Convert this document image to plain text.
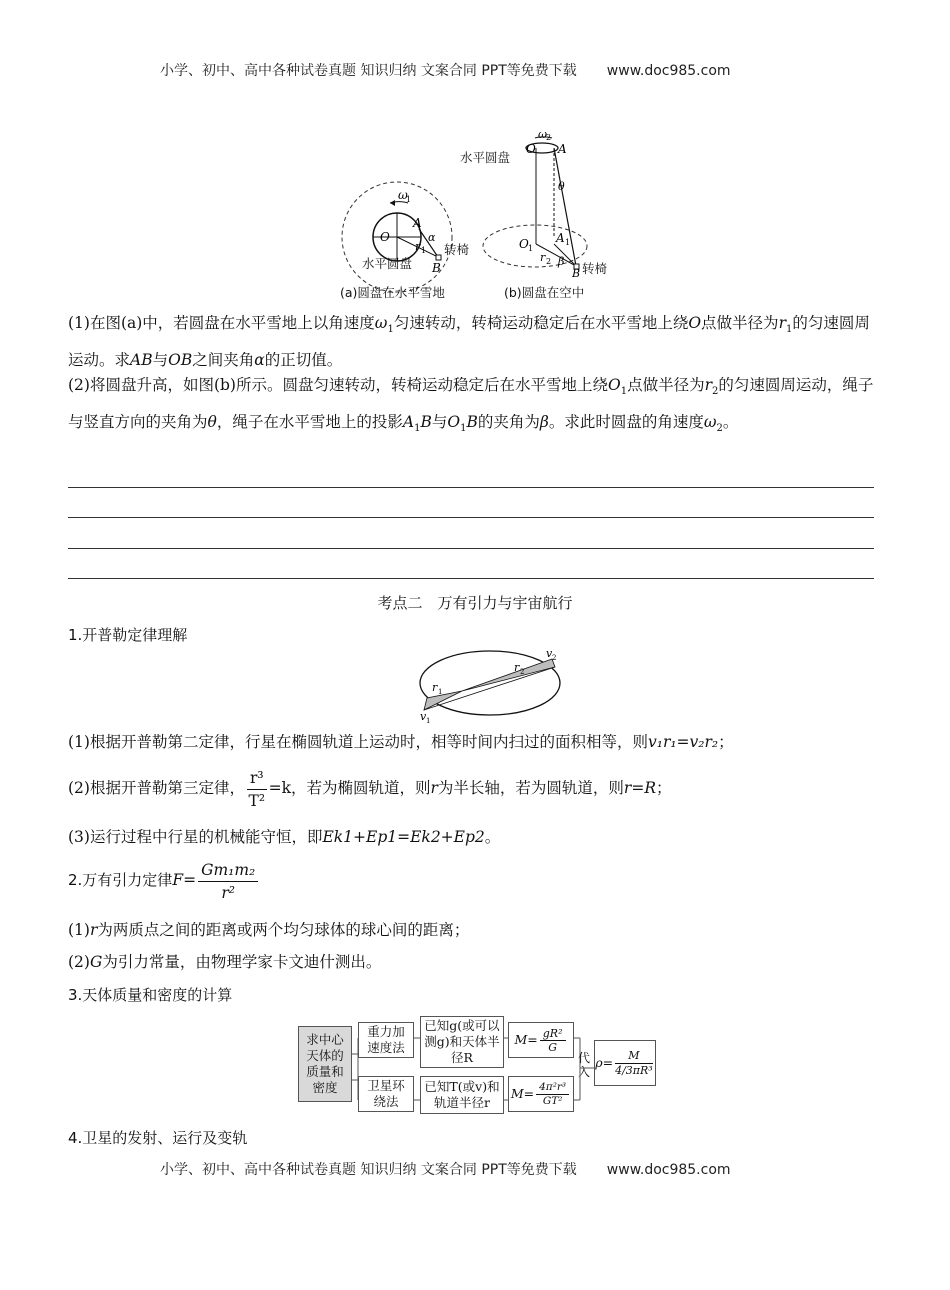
小学、初中、高中各种试卷真题 知识归纳 文案合同 PPT等免费下载 www.doc985.com
O
A
B
α
r 1
ω
1
转椅
水平圆盘
(a)圆盘在水平雪地
O A
θ
ω 2
O 1
A 1
r 2 β
B
水平圆盘
转椅
(b)圆盘在空中
(1)在图(a)中，若圆盘在水平雪地上以角速度$\omega_1$匀速转动，转椅运动稳定后在水平雪地上绕O点做半径为$r_1$的匀速圆周运动。求AB与OB之间夹角α的正切值。
(2)将圆盘升高，如图(b)所示。圆盘匀速转动，转椅运动稳定后在水平雪地上绕$O_1$点做半径为$r_2$的匀速圆周运动，绳子与竖直方向的夹角为θ，绳子在水平雪地上的投影$A_1B$与$O_1B$的夹角为β。求此时圆盘的角速度$\omega_2$。
考点二　万有引力与宇宙航行
1.开普勒定律理解
r 1
r 2
v 1
v 2
(1)根据开普勒第二定律，行星在椭圆轨道上运动时，相等时间内扫过的面积相等，则v₁r₁=v₂r₂；
(2)根据开普勒第三定律， $\frac{\text{r³}}{\text{T²}} =k$，若为椭圆轨道，则r为半长轴，若为圆轨道，则r=R；
(3)运行过程中行星的机械能守恒，即Ek1+Ep1=Ek2+Ep2。
2.万有引力定律$F= \frac{\text{Gm₁m₂}}{\text{r²}}$
(1)r为两质点之间的距离或两个均匀球体的球心间的距离；
(2)G为引力常量，由物理学家卡文迪什测出。
3.天体质量和密度的计算
求中心天体的质量和密度
重力加速度法
卫星环绕法
已知g(或可以测g)和天体半径R
已知T(或v)和轨道半径r
$M= \frac{\text{gR²}}{G}$
$M= \frac{\text{4π²r³}}{\text{GT²}}$
代入
$\rho= \frac{M}{\text{4/3πR³}}$
4.卫星的发射、运行及变轨
小学、初中、高中各种试卷真题 知识归纳 文案合同 PPT等免费下载 www.doc985.com
